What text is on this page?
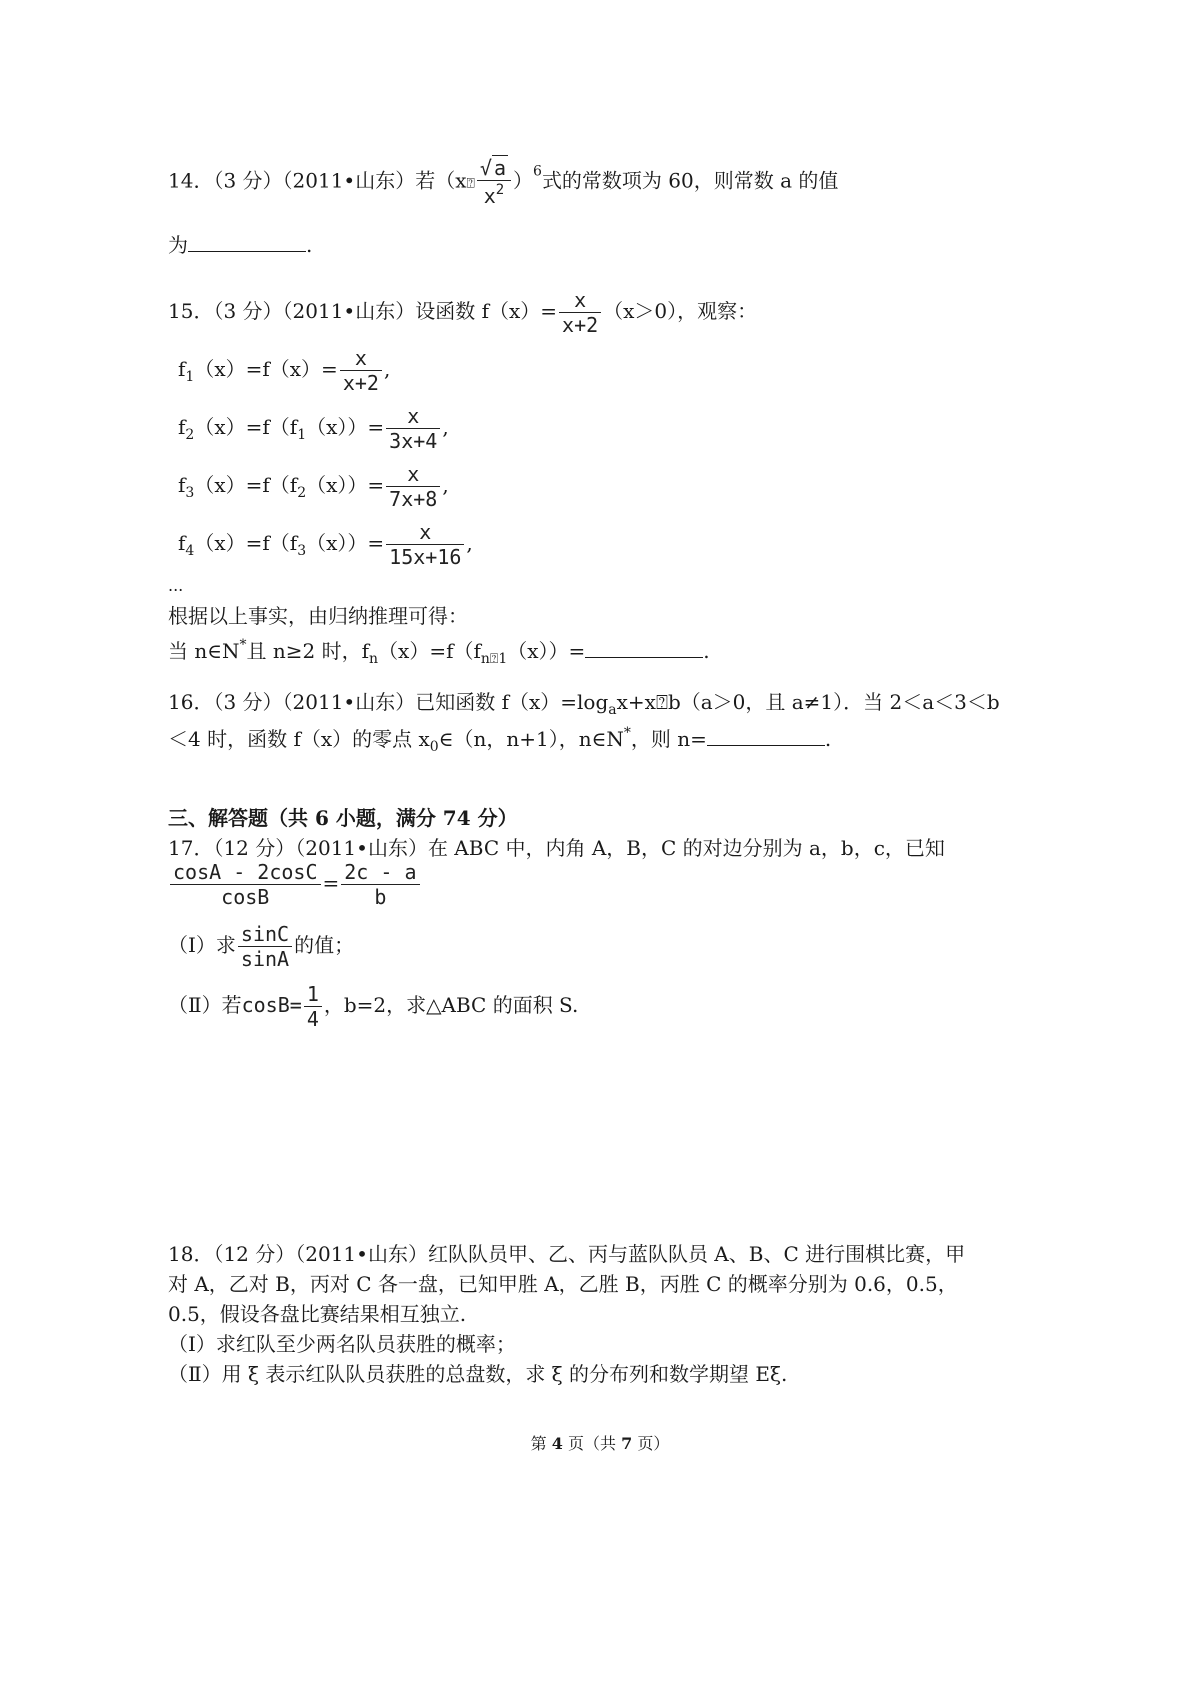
14．（3 分）（2011•山东）若（x⍰ $\frac{√ a}{x^2} )^6$式的常数项为 60，则常数 a 的值
为	.
15．（3 分）（2011•山东）设函数 $f(x)= \frac{x}{x+2} (x>0)$，观察：
$f_1(x)=f(x)= \frac{x}{x+2}$ ,
$f_2(x)=f(f_1(x))= \frac{x}{3x+4}$ ,
$f_3(x)=f(f_2(x))= \frac{x}{7x+8}$ ,
$f_4(x)=f(f_3(x))= \frac{x}{15x+16}$ ,
...
根据以上事实，由归纳推理可得：
当 n∈N*且 n≥2 时，$f_n(x)=f(f_{n⍰1}(x))=$	.
16．（3 分）（2011•山东）已知函数 $f(x)=\log_ax+x⍰b(a>0$，且 a≠1）．当 2＜a＜3＜b
＜4 时，函数 f（x）的零点 $x_0\in(n$，n+1），n∈N*，则 n=	.
三、解答题（共 6 小题，满分 74 分）
17．（12 分）（2011•山东）在 ABC 中，内角 A，B，C 的对边分别为 a，b，c，已知
$\frac{\cos A - 2\cos C}{\cos B} = \frac{2c - a}{b}$
（Ⅰ）求 $\frac{\sin C}{\sin A}$ 的值；
（Ⅱ）若$\cos B= \frac{1}{4}$ ，b=2，求△ABC 的面积 S.
18．（12 分）（2011•山东）红队队员甲、乙、丙与蓝队队员 A、B、C 进行围棋比赛，甲
对 A，乙对 B，丙对 C 各一盘，已知甲胜 A，乙胜 B，丙胜 C 的概率分别为 0.6，0.5，
0.5，假设各盘比赛结果相互独立.
（Ⅰ）求红队至少两名队员获胜的概率；
（Ⅱ）用 ξ 表示红队队员获胜的总盘数，求 ξ 的分布列和数学期望 Eξ.
第 4 页（共 7 页）
